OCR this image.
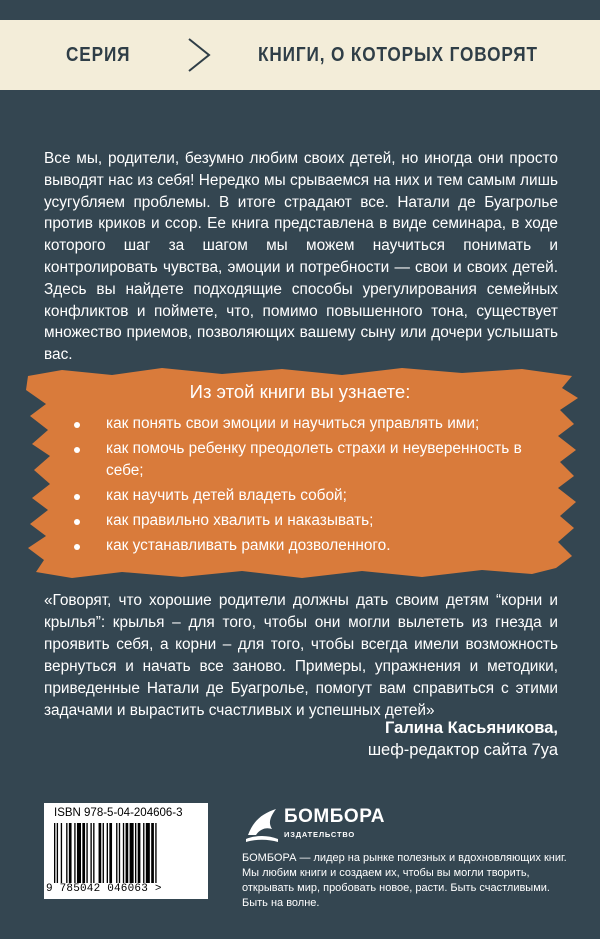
СЕРИЯ	КНИГИ, О КОТОРЫХ ГОВОРЯТ
Все мы, родители, безумно любим своих детей, но иногда они просто выводят нас из себя! Нередко мы срываемся на них и тем самым лишь усугубляем проблемы. В итоге страдают все. Натали де Буагролье против криков и ссор. Ее книга представлена в виде семинара, в ходе которого шаг за шагом мы можем научиться понимать и контролировать чувства, эмоции и потребности — свои и своих детей. Здесь вы найдете подходящие способы урегулирования семейных конфликтов и поймете, что, помимо повышенного тона, существует множество приемов, позволяющих вашему сыну или дочери услышать вас.
Из этой книги вы узнаете:
как понять свои эмоции и научиться управлять ими;
как помочь ребенку преодолеть страхи и неуверенность в себе;
как научить детей владеть собой;
как правильно хвалить и наказывать;
как устанавливать рамки дозволенного.
«Говорят, что хорошие родители должны дать своим детям “корни и крылья”: крылья – для того, чтобы они могли вылететь из гнезда и проявить себя, а корни – для того, чтобы всегда имели возможность вернуться и начать все заново. Примеры, упражнения и методики, приведенные Натали де Буагролье, помогут вам справиться с этими задачами и вырастить счастливых и успешных детей»
Галина Касьяникова,
шеф-редактор сайта 7уа
ISBN 978-5-04-204606-3
9 785042 046063 >
БОМБОРА
ИЗДАТЕЛЬСТВО
БОМБОРА — лидер на рынке полезных и вдохновляющих книг. Мы любим книги и создаем их, чтобы вы могли творить, открывать мир, пробовать новое, расти. Быть счастливыми. Быть на волне.
